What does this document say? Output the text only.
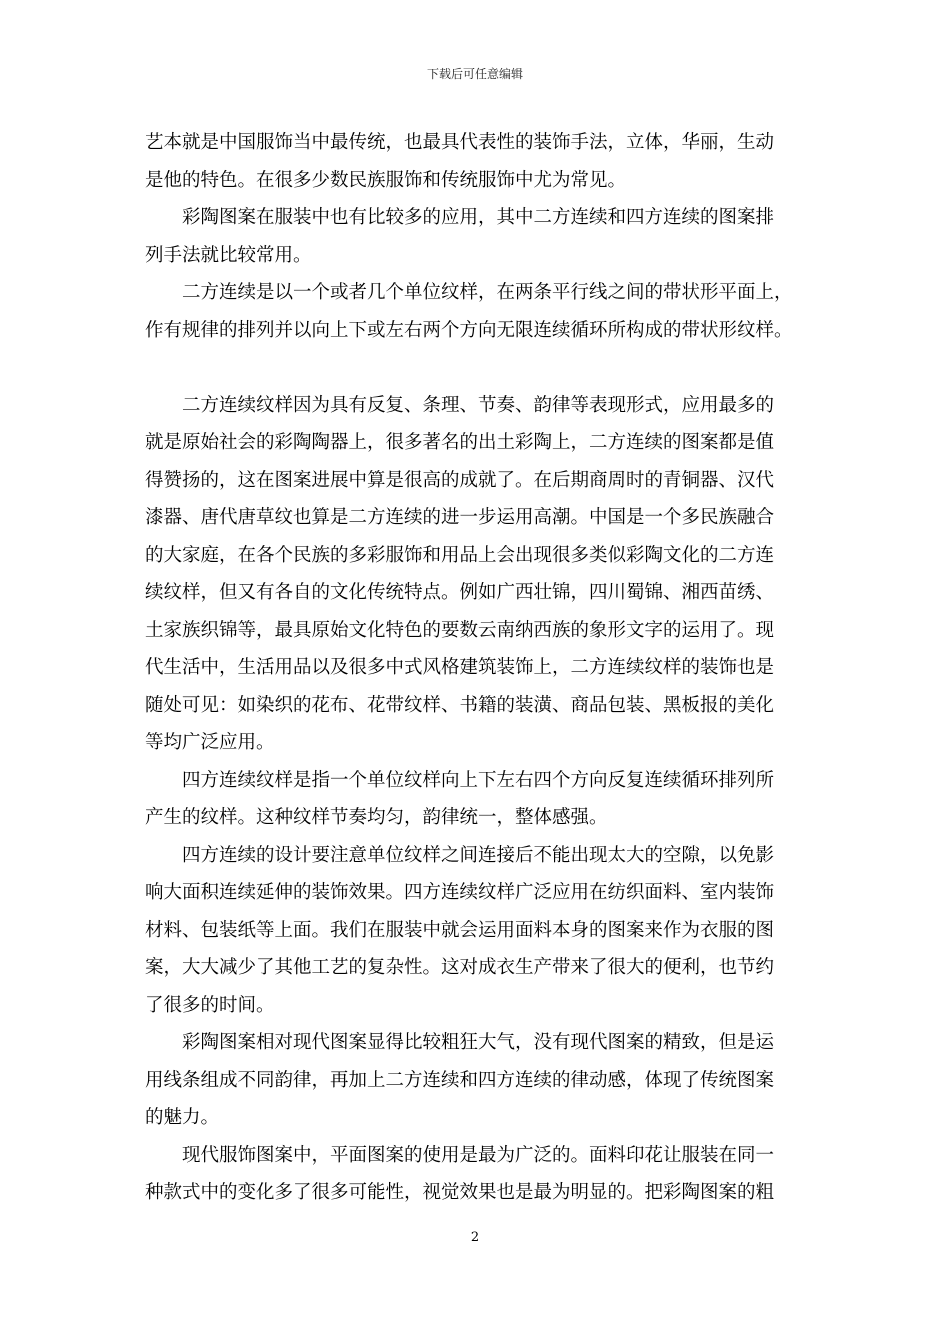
下载后可任意编辑
艺本就是中国服饰当中最传统，也最具代表性的装饰手法，立体，华丽，生动
是他的特色。在很多少数民族服饰和传统服饰中尤为常见。
　　彩陶图案在服装中也有比较多的应用，其中二方连续和四方连续的图案排
列手法就比较常用。
　　二方连续是以一个或者几个单位纹样，在两条平行线之间的带状形平面上，
作有规律的排列并以向上下或左右两个方向无限连续循环所构成的带状形纹样。
　　二方连续纹样因为具有反复、条理、节奏、韵律等表现形式，应用最多的
就是原始社会的彩陶陶器上，很多著名的出土彩陶上，二方连续的图案都是值
得赞扬的，这在图案进展中算是很高的成就了。在后期商周时的青铜器、汉代
漆器、唐代唐草纹也算是二方连续的进一步运用高潮。中国是一个多民族融合
的大家庭，在各个民族的多彩服饰和用品上会出现很多类似彩陶文化的二方连
续纹样，但又有各自的文化传统特点。例如广西壮锦，四川蜀锦、湘西苗绣、
土家族织锦等，最具原始文化特色的要数云南纳西族的象形文字的运用了。现
代生活中，生活用品以及很多中式风格建筑装饰上，二方连续纹样的装饰也是
随处可见：如染织的花布、花带纹样、书籍的装潢、商品包装、黑板报的美化
等均广泛应用。
　　四方连续纹样是指一个单位纹样向上下左右四个方向反复连续循环排列所
产生的纹样。这种纹样节奏均匀，韵律统一，整体感强。
　　四方连续的设计要注意单位纹样之间连接后不能出现太大的空隙，以免影
响大面积连续延伸的装饰效果。四方连续纹样广泛应用在纺织面料、室内装饰
材料、包装纸等上面。我们在服装中就会运用面料本身的图案来作为衣服的图
案，大大减少了其他工艺的复杂性。这对成衣生产带来了很大的便利，也节约
了很多的时间。
　　彩陶图案相对现代图案显得比较粗狂大气，没有现代图案的精致，但是运
用线条组成不同韵律，再加上二方连续和四方连续的律动感，体现了传统图案
的魅力。
　　现代服饰图案中，平面图案的使用是最为广泛的。面料印花让服装在同一
种款式中的变化多了很多可能性，视觉效果也是最为明显的。把彩陶图案的粗
2
